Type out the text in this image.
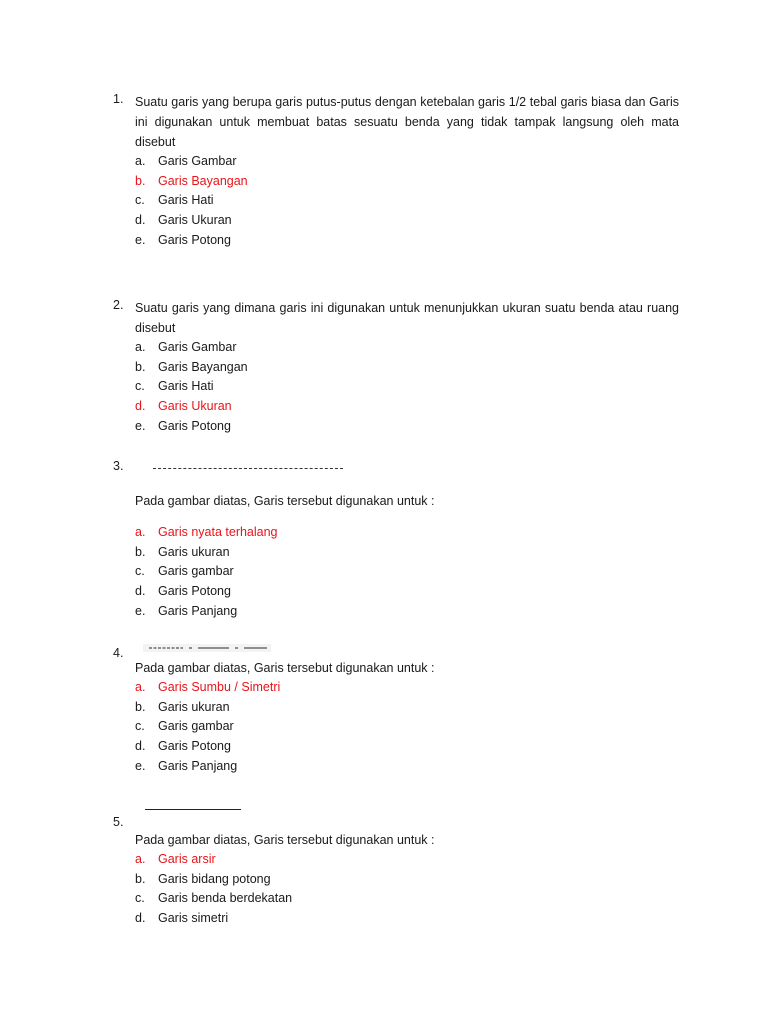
1. Suatu garis yang berupa garis putus-putus dengan ketebalan garis 1/2 tebal garis biasa dan Garis ini digunakan untuk membuat batas sesuatu benda yang tidak tampak langsung oleh mata disebut
a.	Garis Gambar
b.	Garis Bayangan
c.	Garis Hati
d.	Garis Ukuran
e.	Garis Potong
2. Suatu garis yang dimana garis ini digunakan untuk menunjukkan ukuran suatu benda atau ruang disebut
a.	Garis Gambar
b.	Garis Bayangan
c.	Garis Hati
d.	Garis Ukuran
e.	Garis Potong
3.
Pada gambar diatas, Garis tersebut digunakan untuk :
a.	Garis nyata terhalang
b.	Garis ukuran
c.	Garis gambar
d.	Garis Potong
e.	Garis Panjang
4.
Pada gambar diatas, Garis tersebut digunakan untuk :
a.	Garis Sumbu / Simetri
b.	Garis ukuran
c.	Garis gambar
d.	Garis Potong
e.	Garis Panjang
5.
Pada gambar diatas, Garis tersebut digunakan untuk :
a.	Garis arsir
b.	Garis bidang potong
c.	Garis benda berdekatan
d.	Garis simetri
